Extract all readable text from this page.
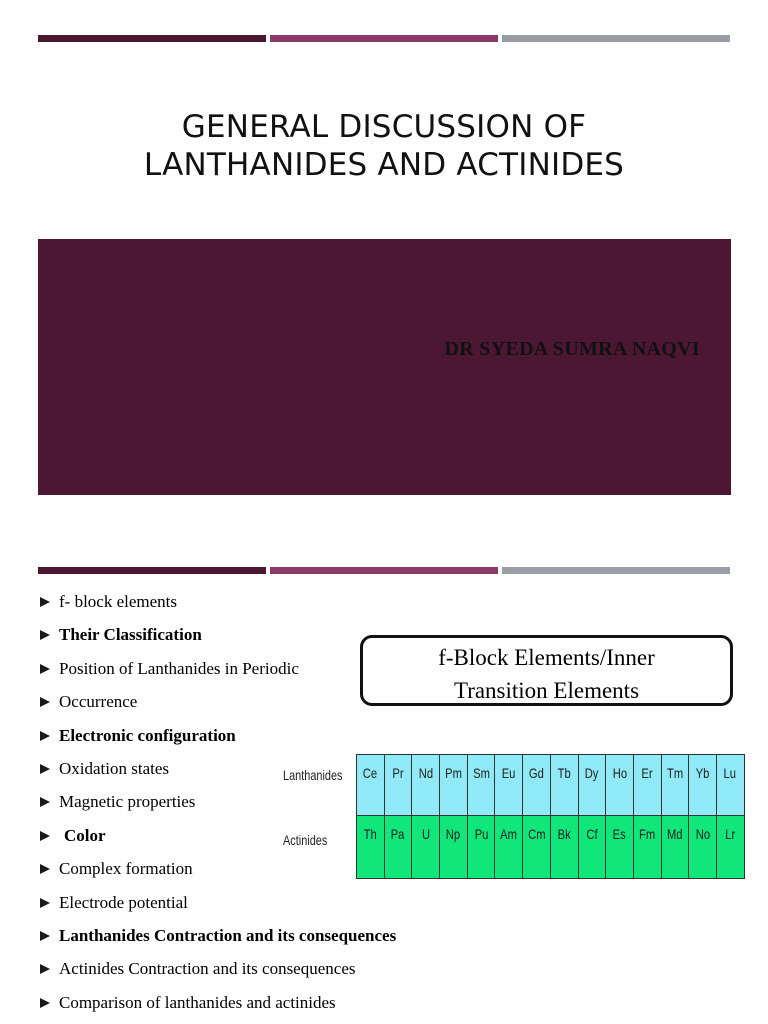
GENERAL DISCUSSION OF
LANTHANIDES AND ACTINIDES
DR SYEDA SUMRA NAQVI
f- block elements
Their Classification
Position of Lanthanides in Periodic
Occurrence
Electronic configuration
Oxidation states
Magnetic properties
Color
Complex formation
Electrode potential
Lanthanides Contraction and its consequences
Actinides Contraction and its consequences
Comparison of lanthanides and actinides
f-Block Elements/Inner
Transition Elements
Lanthanides
Actinides
Ce	Pr	Nd	Pm	Sm	Eu	Gd	Tb	Dy	Ho	Er	Tm	Yb	Lu
Th	Pa	U	Np	Pu	Am	Cm	Bk	Cf	Es	Fm	Md	No	Lr
